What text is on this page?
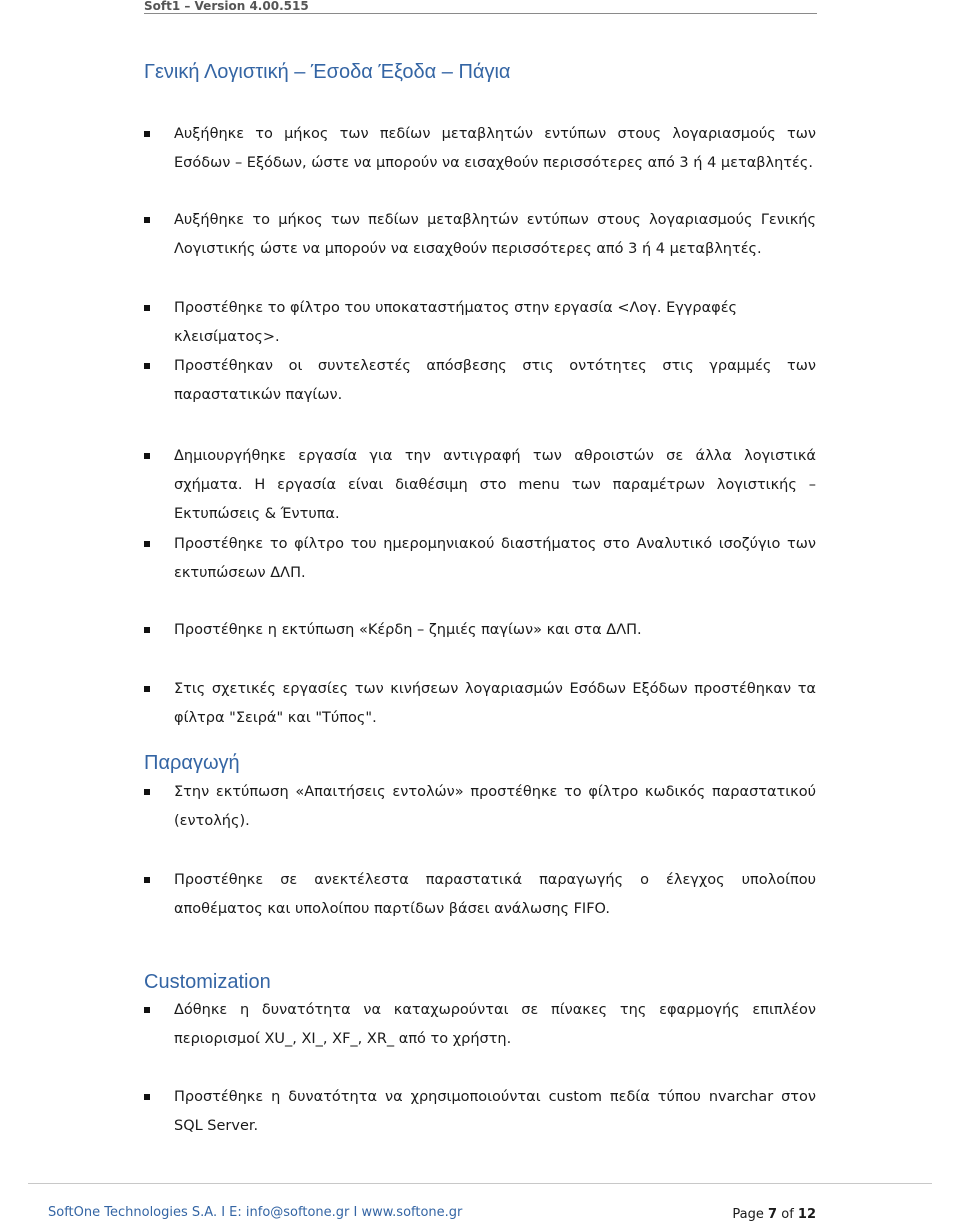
Soft1 – Version 4.00.515
Γενική Λογιστική – Έσοδα Έξοδα – Πάγια

Αυξήθηκε το μήκος των πεδίων μεταβλητών εντύπων στους λογαριασμούς των Εσόδων – Εξόδων, ώστε να μπορούν να εισαχθούν περισσότερες από 3 ή 4 μεταβλητές.

Αυξήθηκε το μήκος των πεδίων μεταβλητών εντύπων στους λογαριασμούς Γενικής Λογιστικής ώστε να μπορούν να εισαχθούν περισσότερες από 3 ή 4 μεταβλητές.

Προστέθηκε το φίλτρο του υποκαταστήματος στην εργασία <Λογ. Εγγραφές κλεισίματος>.

Προστέθηκαν οι συντελεστές απόσβεσης στις οντότητες στις γραμμές των παραστατικών παγίων.

Δημιουργήθηκε εργασία για την αντιγραφή των αθροιστών σε άλλα λογιστικά σχήματα. Η εργασία είναι διαθέσιμη στο menu των παραμέτρων λογιστικής – Εκτυπώσεις & Έντυπα.

Προστέθηκε το φίλτρο του ημερομηνιακού διαστήματος στο Αναλυτικό ισοζύγιο των εκτυπώσεων ΔΛΠ.

Προστέθηκε η εκτύπωση «Κέρδη – ζημιές παγίων» και στα ΔΛΠ.

Στις σχετικές εργασίες των κινήσεων λογαριασμών Εσόδων Εξόδων προστέθηκαν τα φίλτρα "Σειρά" και "Τύπος".

Παραγωγή

Στην εκτύπωση «Απαιτήσεις εντολών» προστέθηκε το φίλτρο κωδικός παραστατικού (εντολής).

Προστέθηκε σε ανεκτέλεστα παραστατικά παραγωγής ο έλεγχος υπολοίπου αποθέματος και υπολοίπου παρτίδων βάσει ανάλωσης FIFO.

Customization

Δόθηκε η δυνατότητα να καταχωρούνται σε πίνακες της εφαρμογής επιπλέον περιορισμοί XU_, XI_, XF_, XR_ από το χρήστη.

Προστέθηκε η δυνατότητα να χρησιμοποιούνται custom πεδία τύπου nvarchar στον SQL Server.

SoftOne Technologies S.A. I E: info@softone.gr I www.softone.gr	Page 7 of 12
